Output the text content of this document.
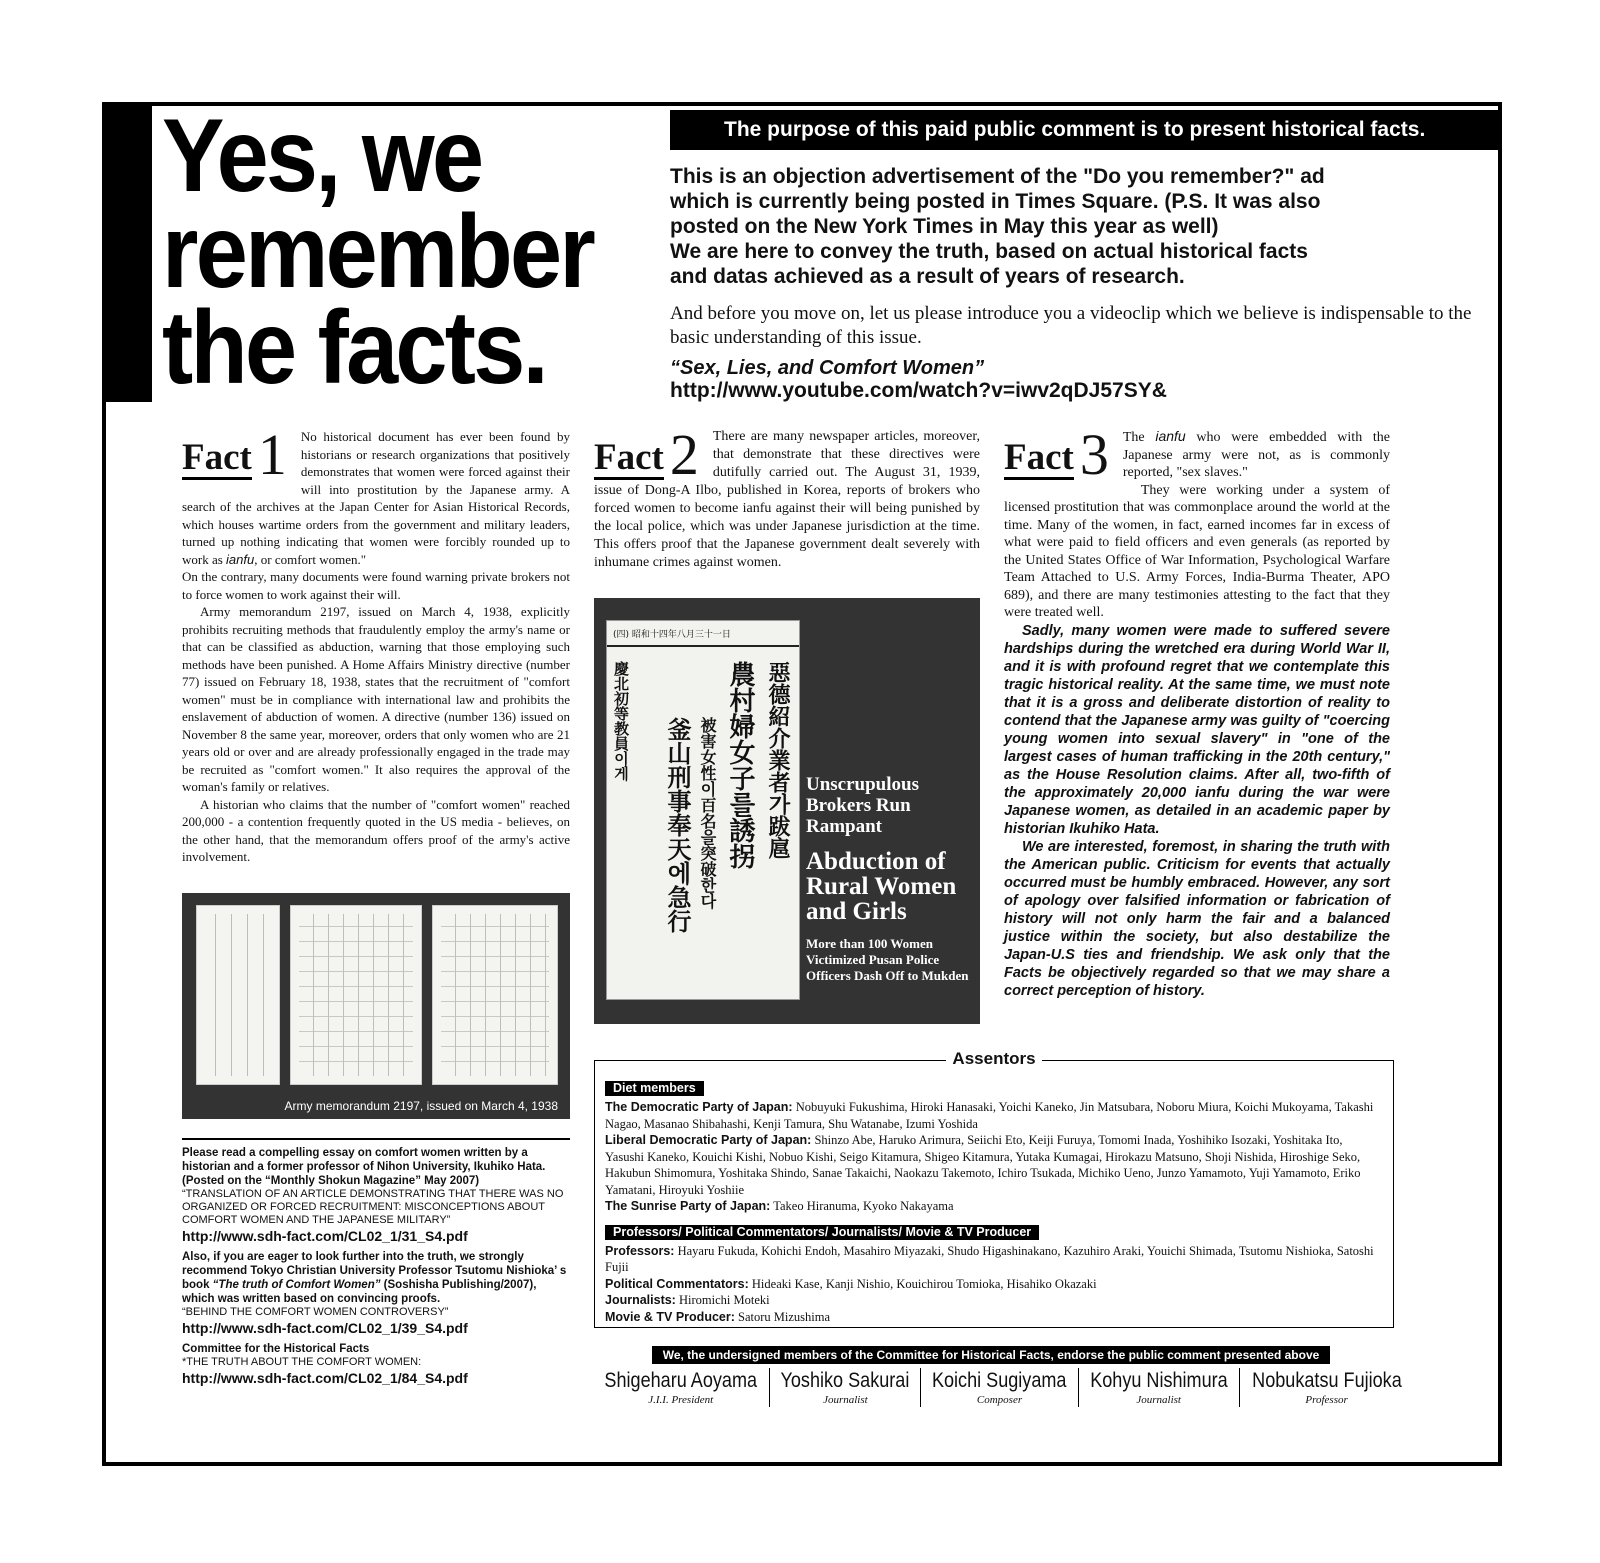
Yes, we
remember
the facts.
The purpose of this paid public comment is to present historical facts.

This is an objection advertisement of the "Do you remember?" ad

which is currently being posted in Times Square. (P.S. It was also

posted on the New York Times in May this year as well)

We are here to convey the truth, based on actual historical facts

and datas achieved as a result of years of research.

And before you move on, let us please introduce you a videoclip which we believe is indispensable to the basic understanding of this issue.
“Sex, Lies, and Comfort Women”
http://www.youtube.com/watch?v=iwv2qDJ57SY&
Fact 1	No historical document has ever been found by historians or research organizations that positively demonstrates that women were forced against their will into prostitution by the Japanese army. A search of the archives at the Japan Center for Asian Historical Records, which houses wartime orders from the government and military leaders, turned up nothing indicating that women were forcibly rounded up to work as ianfu, or comfort women."

On the contrary, many documents were found warning private brokers not to force women to work against their will.

Army memorandum 2197, issued on March 4, 1938, explicitly prohibits recruiting methods that fraudulently employ the army's name or that can be classified as abduction, warning that those employing such methods have been punished. A Home Affairs Ministry directive (number 77) issued on February 18, 1938, states that the recruitment of "comfort women" must be in compliance with international law and prohibits the enslavement of abduction of women. A directive (number 136) issued on November 8 the same year, moreover, orders that only women who are 21 years old or over and are already professionally engaged in the trade may be recruited as "comfort women." It also requires the approval of the woman's family or relatives.

A historian who claims that the number of "comfort women" reached 200,000 - a contention frequently quoted in the US media - believes, on the other hand, that the memorandum offers proof of the army's active involvement.

Army memorandum 2197, issued on March 4, 1938
Please read a compelling essay on comfort women written by a historian and a former professor of Nihon University, Ikuhiko Hata. (Posted on the “Monthly Shokun Magazine” May 2007)
“TRANSLATION OF AN ARTICLE DEMONSTRATING THAT THERE WAS NO ORGANIZED OR FORCED RECRUITMENT: MISCONCEPTIONS ABOUT COMFORT WOMEN AND THE JAPANESE MILITARY”
http://www.sdh-fact.com/CL02_1/31_S4.pdf
Also, if you are eager to look further into the truth, we strongly recommend Tokyo Christian University Professor Tsutomu Nishioka’ s book “The truth of Comfort Women” (Soshisha Publishing/2007), which was written based on convincing proofs.
“BEHIND THE COMFORT WOMEN CONTROVERSY”
http://www.sdh-fact.com/CL02_1/39_S4.pdf
Committee for the Historical Facts
*THE TRUTH ABOUT THE COMFORT WOMEN:
http://www.sdh-fact.com/CL02_1/84_S4.pdf
Fact 2	There are many newspaper articles, moreover, that demonstrate that these directives were dutifully carried out. The August 31, 1939, issue of Dong-A Ilbo, published in Korea, reports of brokers who forced women to become ianfu against their will being punished by the local police, which was under Japanese jurisdiction at the time. This offers proof that the Japanese government dealt severely with inhumane crimes against women.

(四) 昭和十四年八月三十一日
惡德紹介業者가跋扈
農村婦女子를誘拐
被害女性이百名을突破한다
釜山刑事奉天에急行
慶北初等教員이게
Unscrupulous Brokers Run Rampant
Abduction of Rural Women and Girls
More than 100 Women Victimized Pusan Police Officers Dash Off to Mukden
Fact 3	The ianfu who were embedded with the Japanese army were not, as is commonly reported, "sex slaves."

They were working under a system of licensed prostitution that was commonplace around the world at the time. Many of the women, in fact, earned incomes far in excess of what were paid to field officers and even generals (as reported by the United States Office of War Information, Psychological Warfare Team Attached to U.S. Army Forces, India-Burma Theater, APO 689), and there are many testimonies attesting to the fact that they were treated well.

Sadly, many women were made to suffered severe hardships during the wretched era during World War II, and it is with profound regret that we contemplate this tragic historical reality. At the same time, we must note that it is a gross and deliberate distortion of reality to contend that the Japanese army was guilty of "coercing young women into sexual slavery" in "one of the largest cases of human trafficking in the 20th century," as the House Resolution claims. After all, two-fifth of the approximately 20,000 ianfu during the war were Japanese women, as detailed in an academic paper by historian Ikuhiko Hata.

We are interested, foremost, in sharing the truth with the American public. Criticism for events that actually occurred must be humbly embraced. However, any sort of apology over falsified information or fabrication of history will not only harm the fair and a balanced justice within the society, but also destabilize the Japan-U.S ties and friendship. We ask only that the Facts be objectively regarded so that we may share a correct perception of history.

Assentors
Diet members
The Democratic Party of Japan: Nobuyuki Fukushima, Hiroki Hanasaki, Yoichi Kaneko, Jin Matsubara, Noboru Miura, Koichi Mukoyama, Takashi Nagao, Masanao Shibahashi, Kenji Tamura, Shu Watanabe, Izumi Yoshida
Liberal Democratic Party of Japan: Shinzo Abe, Haruko Arimura, Seiichi Eto, Keiji Furuya, Tomomi Inada, Yoshihiko Isozaki, Yoshitaka Ito, Yasushi Kaneko, Kouichi Kishi, Nobuo Kishi, Seigo Kitamura, Shigeo Kitamura, Yutaka Kumagai, Hirokazu Matsuno, Shoji Nishida, Hiroshige Seko, Hakubun Shimomura, Yoshitaka Shindo, Sanae Takaichi, Naokazu Takemoto, Ichiro Tsukada, Michiko Ueno, Junzo Yamamoto, Yuji Yamamoto, Eriko Yamatani, Hiroyuki Yoshiie
The Sunrise Party of Japan: Takeo Hiranuma, Kyoko Nakayama
Professors/ Political Commentators/ Journalists/ Movie & TV Producer
Professors: Hayaru Fukuda, Kohichi Endoh, Masahiro Miyazaki, Shudo Higashinakano, Kazuhiro Araki, Youichi Shimada, Tsutomu Nishioka, Satoshi Fujii
Political Commentators: Hideaki Kase, Kanji Nishio, Kouichirou Tomioka, Hisahiko Okazaki
Journalists: Hiromichi Moteki
Movie & TV Producer: Satoru Mizushima
We, the undersigned members of the Committee for Historical Facts, endorse the public comment presented above
Shigeharu Aoyama
J.I.I. President
Yoshiko Sakurai
Journalist
Koichi Sugiyama
Composer
Kohyu Nishimura
Journalist
Nobukatsu Fujioka
Professor
